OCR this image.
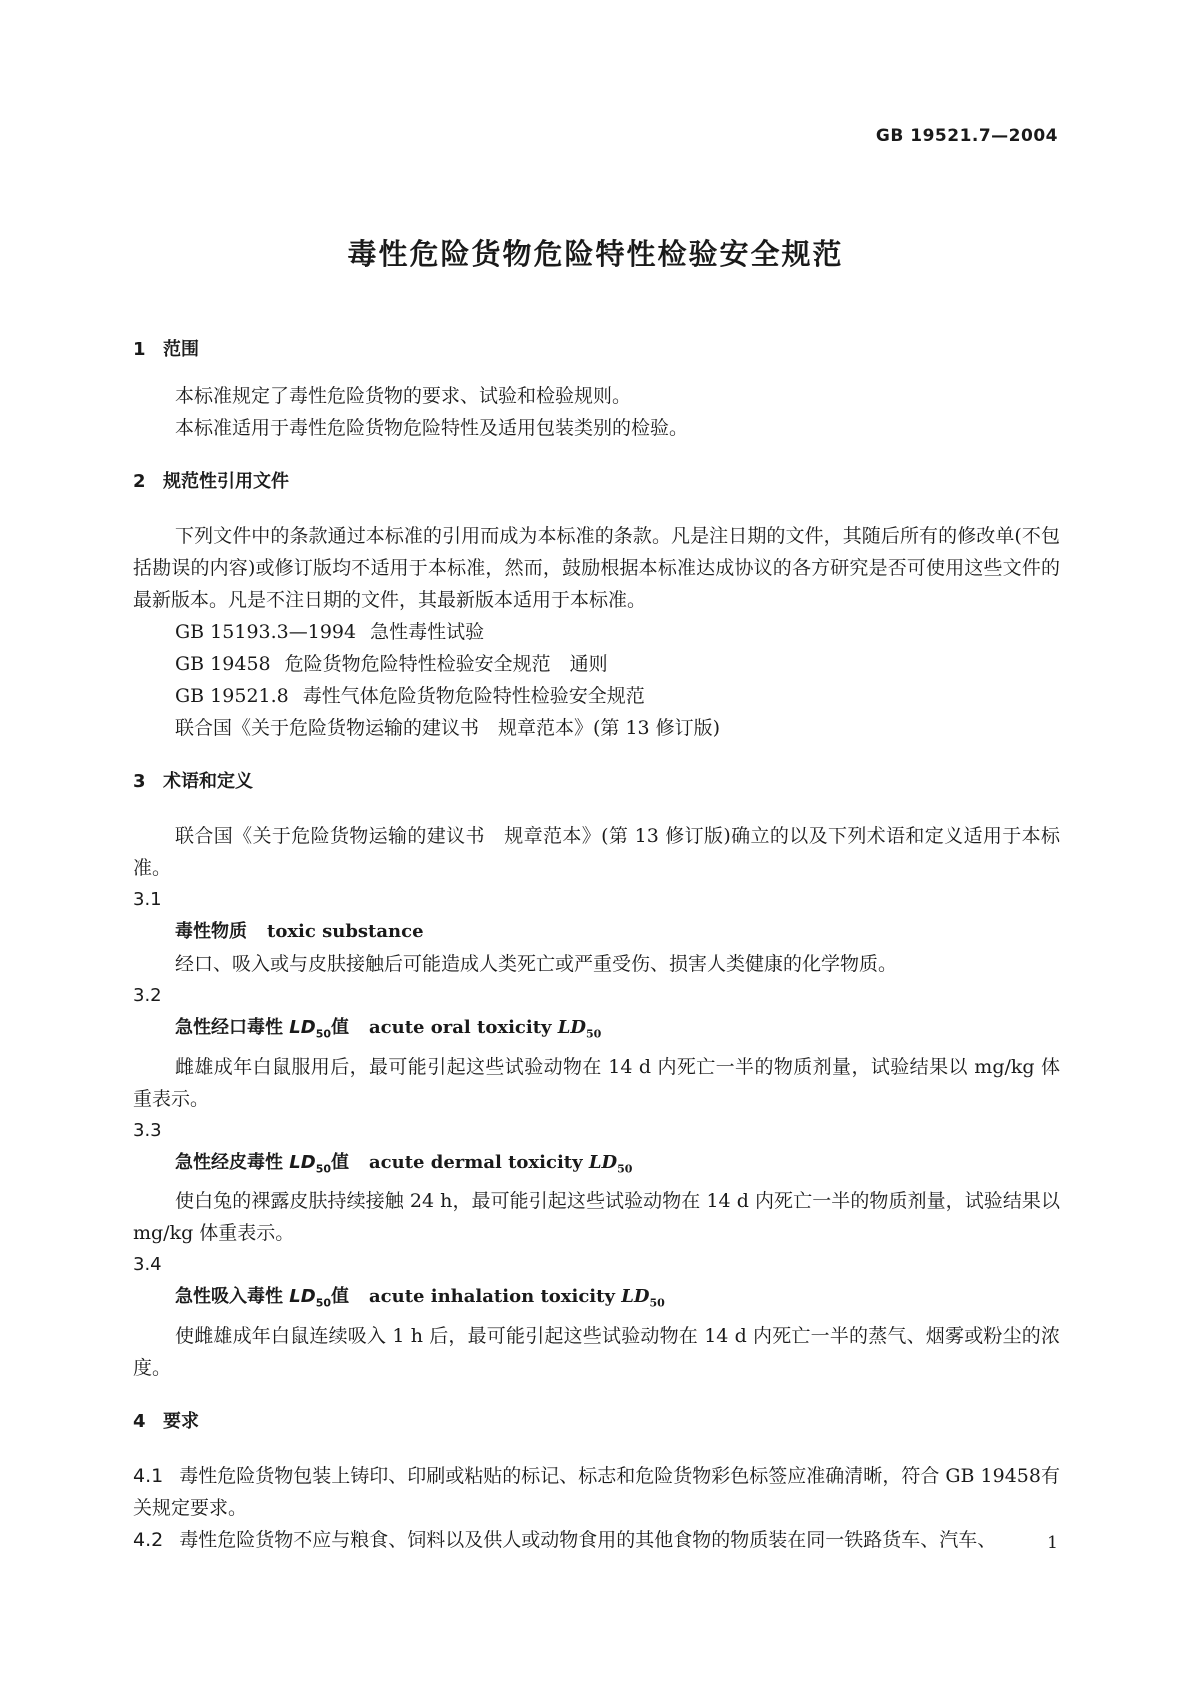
GB 19521.7—2004
毒性危险货物危险特性检验安全规范

1 范围

本标准规定了毒性危险货物的要求、试验和检验规则。

本标准适用于毒性危险货物危险特性及适用包装类别的检验。

2 规范性引用文件

下列文件中的条款通过本标准的引用而成为本标准的条款。凡是注日期的文件，其随后所有的修改单(不包括勘误的内容)或修订版均不适用于本标准，然而，鼓励根据本标准达成协议的各方研究是否可使用这些文件的最新版本。凡是不注日期的文件，其最新版本适用于本标准。

GB 15193.3—1994 急性毒性试验

GB 19458 危险货物危险特性检验安全规范　通则

GB 19521.8 毒性气体危险货物危险特性检验安全规范

联合国《关于危险货物运输的建议书　规章范本》(第 13 修订版)

3 术语和定义

联合国《关于危险货物运输的建议书　规章范本》(第 13 修订版)确立的以及下列术语和定义适用于本标准。

3.1

毒性物质 toxic substance

经口、吸入或与皮肤接触后可能造成人类死亡或严重受伤、损害人类健康的化学物质。

3.2

急性经口毒性 $LD_{50}$值 acute oral toxicity $LD_{50}$

雌雄成年白鼠服用后，最可能引起这些试验动物在 14 d 内死亡一半的物质剂量，试验结果以 mg/kg 体重表示。

3.3

急性经皮毒性 $LD_{50}$值 acute dermal toxicity $LD_{50}$

使白兔的裸露皮肤持续接触 24 h，最可能引起这些试验动物在 14 d 内死亡一半的物质剂量，试验结果以 mg/kg 体重表示。

3.4

急性吸入毒性 $LD_{50}$值 acute inhalation toxicity $LD_{50}$

使雌雄成年白鼠连续吸入 1 h 后，最可能引起这些试验动物在 14 d 内死亡一半的蒸气、烟雾或粉尘的浓度。

4 要求

4.1 毒性危险货物包装上铸印、印刷或粘贴的标记、标志和危险货物彩色标签应准确清晰，符合 GB 19458有关规定要求。

4.2 毒性危险货物不应与粮食、饲料以及供人或动物食用的其他食物的物质装在同一铁路货车、汽车、	1
